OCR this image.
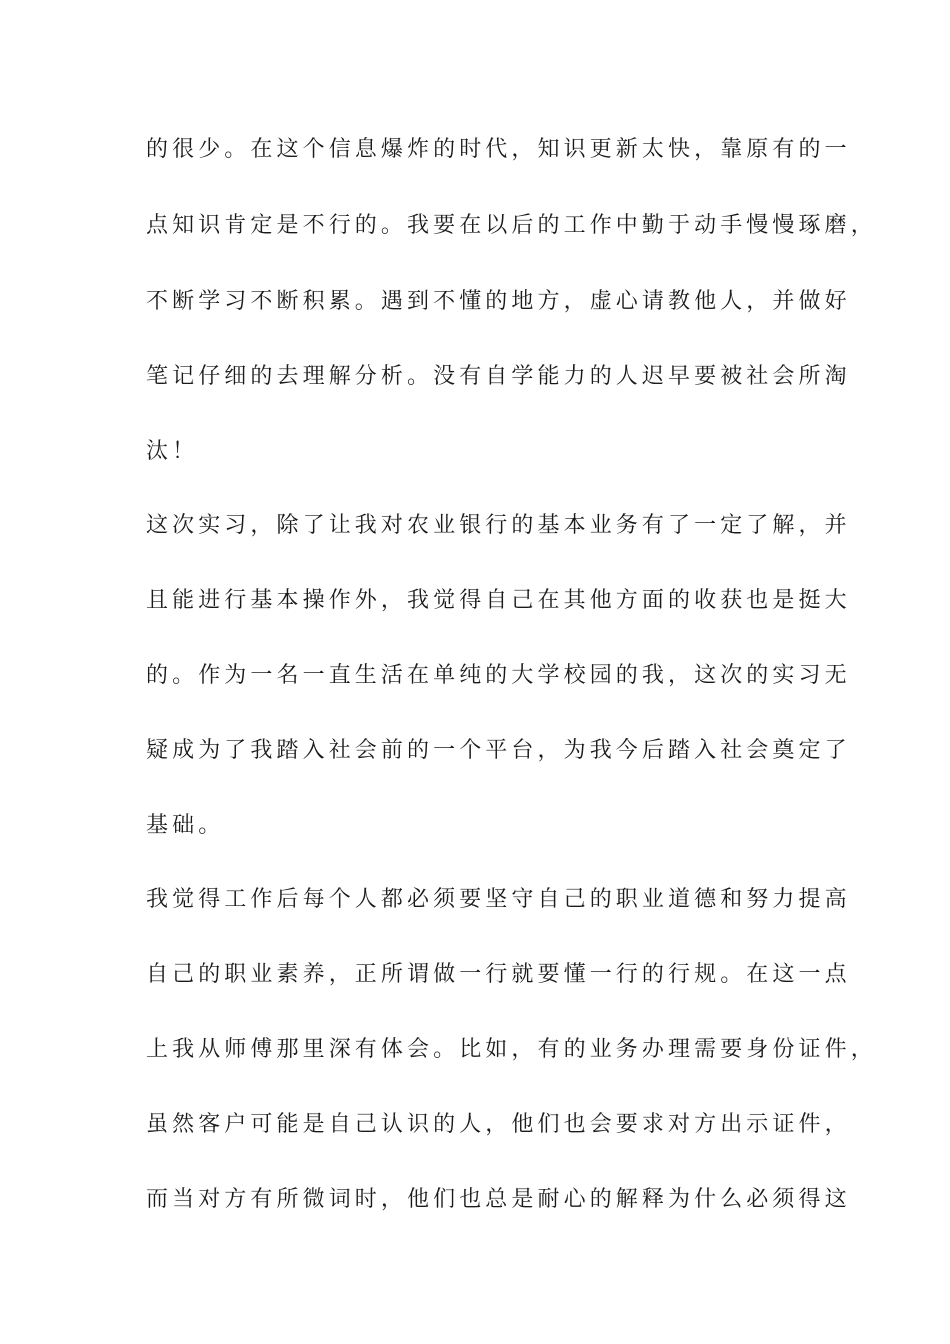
的很少。在这个信息爆炸的时代，知识更新太快，靠原有的一
点知识肯定是不行的。我要在以后的工作中勤于动手慢慢琢磨，
不断学习不断积累。遇到不懂的地方，虚心请教他人，并做好
笔记仔细的去理解分析。没有自学能力的人迟早要被社会所淘
汰！
这次实习，除了让我对农业银行的基本业务有了一定了解，并
且能进行基本操作外，我觉得自己在其他方面的收获也是挺大
的。作为一名一直生活在单纯的大学校园的我，这次的实习无
疑成为了我踏入社会前的一个平台，为我今后踏入社会奠定了
基础。
我觉得工作后每个人都必须要坚守自己的职业道德和努力提高
自己的职业素养，正所谓做一行就要懂一行的行规。在这一点
上我从师傅那里深有体会。比如，有的业务办理需要身份证件，
虽然客户可能是自己认识的人，他们也会要求对方出示证件，
而当对方有所微词时，他们也总是耐心的解释为什么必须得这
